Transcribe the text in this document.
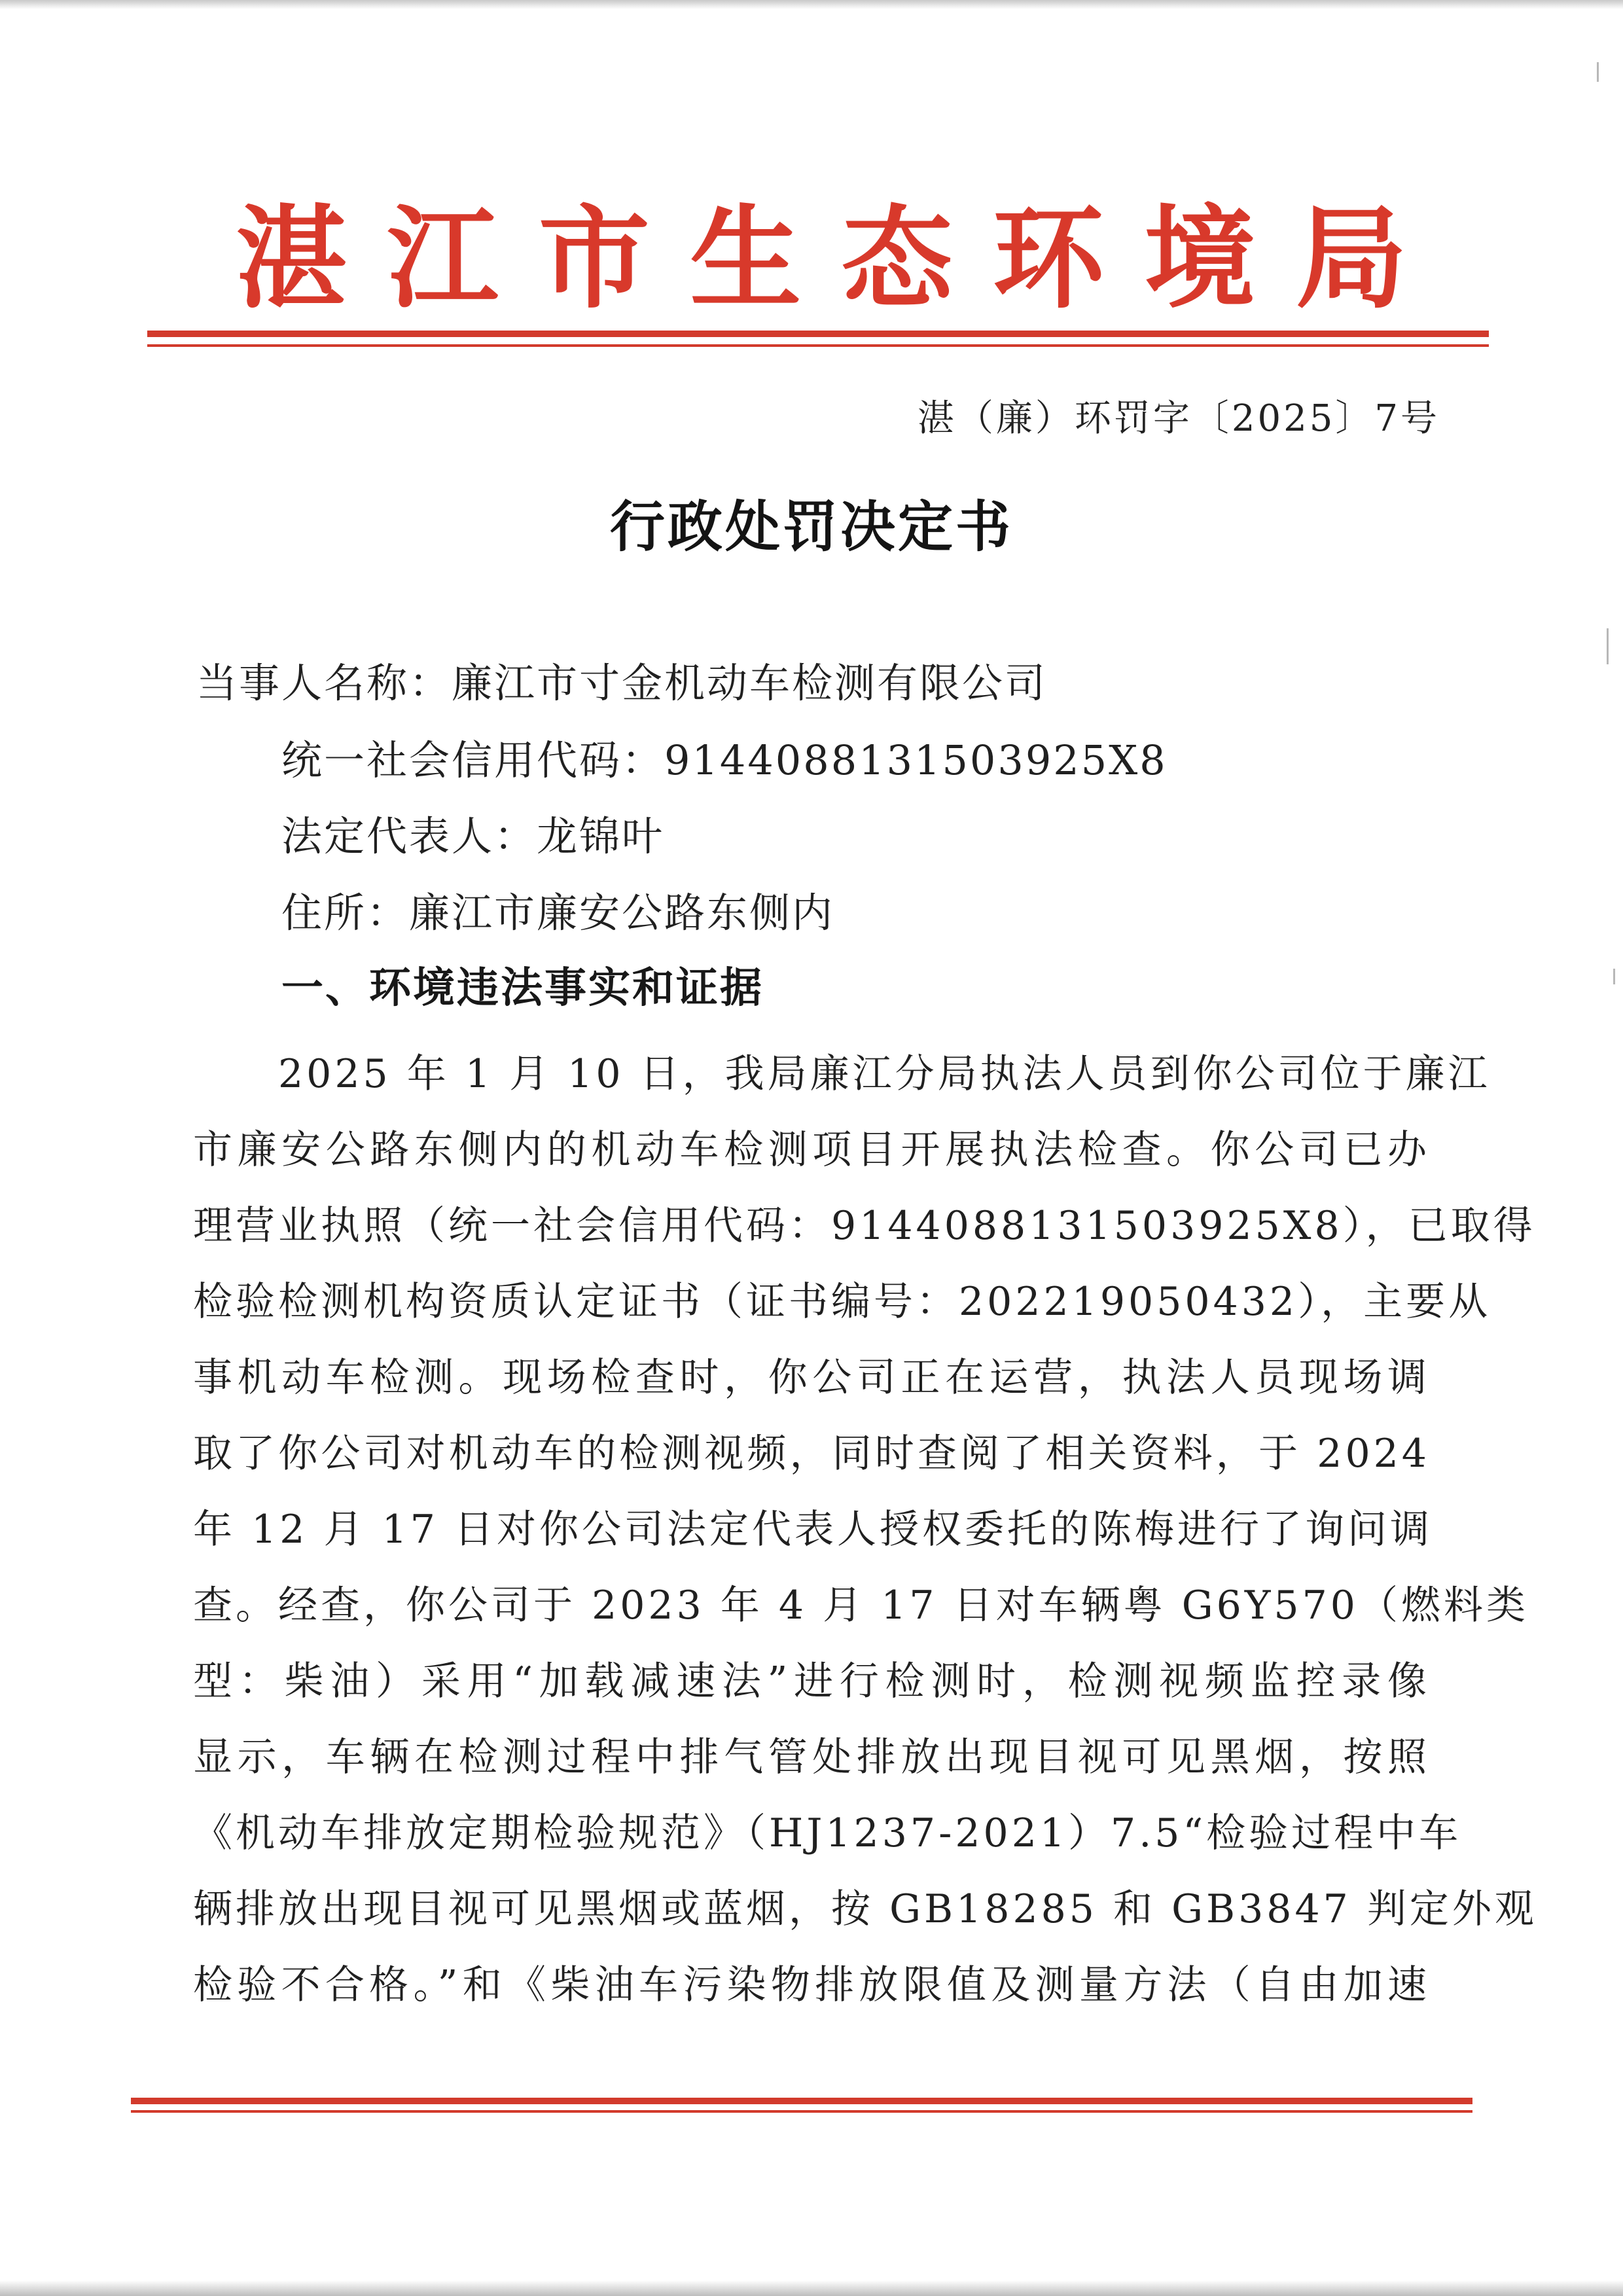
湛 江 市 生 态 环 境 局
湛（廉）环罚字〔2025〕7号
行政处罚决定书
当事人名称：廉江市寸金机动车检测有限公司
统一社会信用代码：9144088131503925X8
法定代表人：龙锦叶
住所：廉江市廉安公路东侧内
一、环境违法事实和证据
2025 年 1 月 10 日，我局廉江分局执法人员到你公司位于廉江
市廉安公路东侧内的机动车检测项目开展执法检查。你公司已办
理营业执照（统一社会信用代码：9144088131503925X8），已取得
检验检测机构资质认定证书（证书编号：202219050432），主要从
事机动车检测。现场检查时，你公司正在运营，执法人员现场调
取了你公司对机动车的检测视频，同时查阅了相关资料，于 2024
年 12 月 17 日对你公司法定代表人授权委托的陈梅进行了询问调
查。经查，你公司于 2023 年 4 月 17 日对车辆粤 G6Y570（燃料类
型：柴油）采用“加载减速法”进行检测时，检测视频监控录像
显示，车辆在检测过程中排气管处排放出现目视可见黑烟，按照
《机动车排放定期检验规范》（HJ1237-2021）7.5“检验过程中车
辆排放出现目视可见黑烟或蓝烟，按 GB18285 和 GB3847 判定外观
检验不合格。”和《柴油车污染物排放限值及测量方法（自由加速
